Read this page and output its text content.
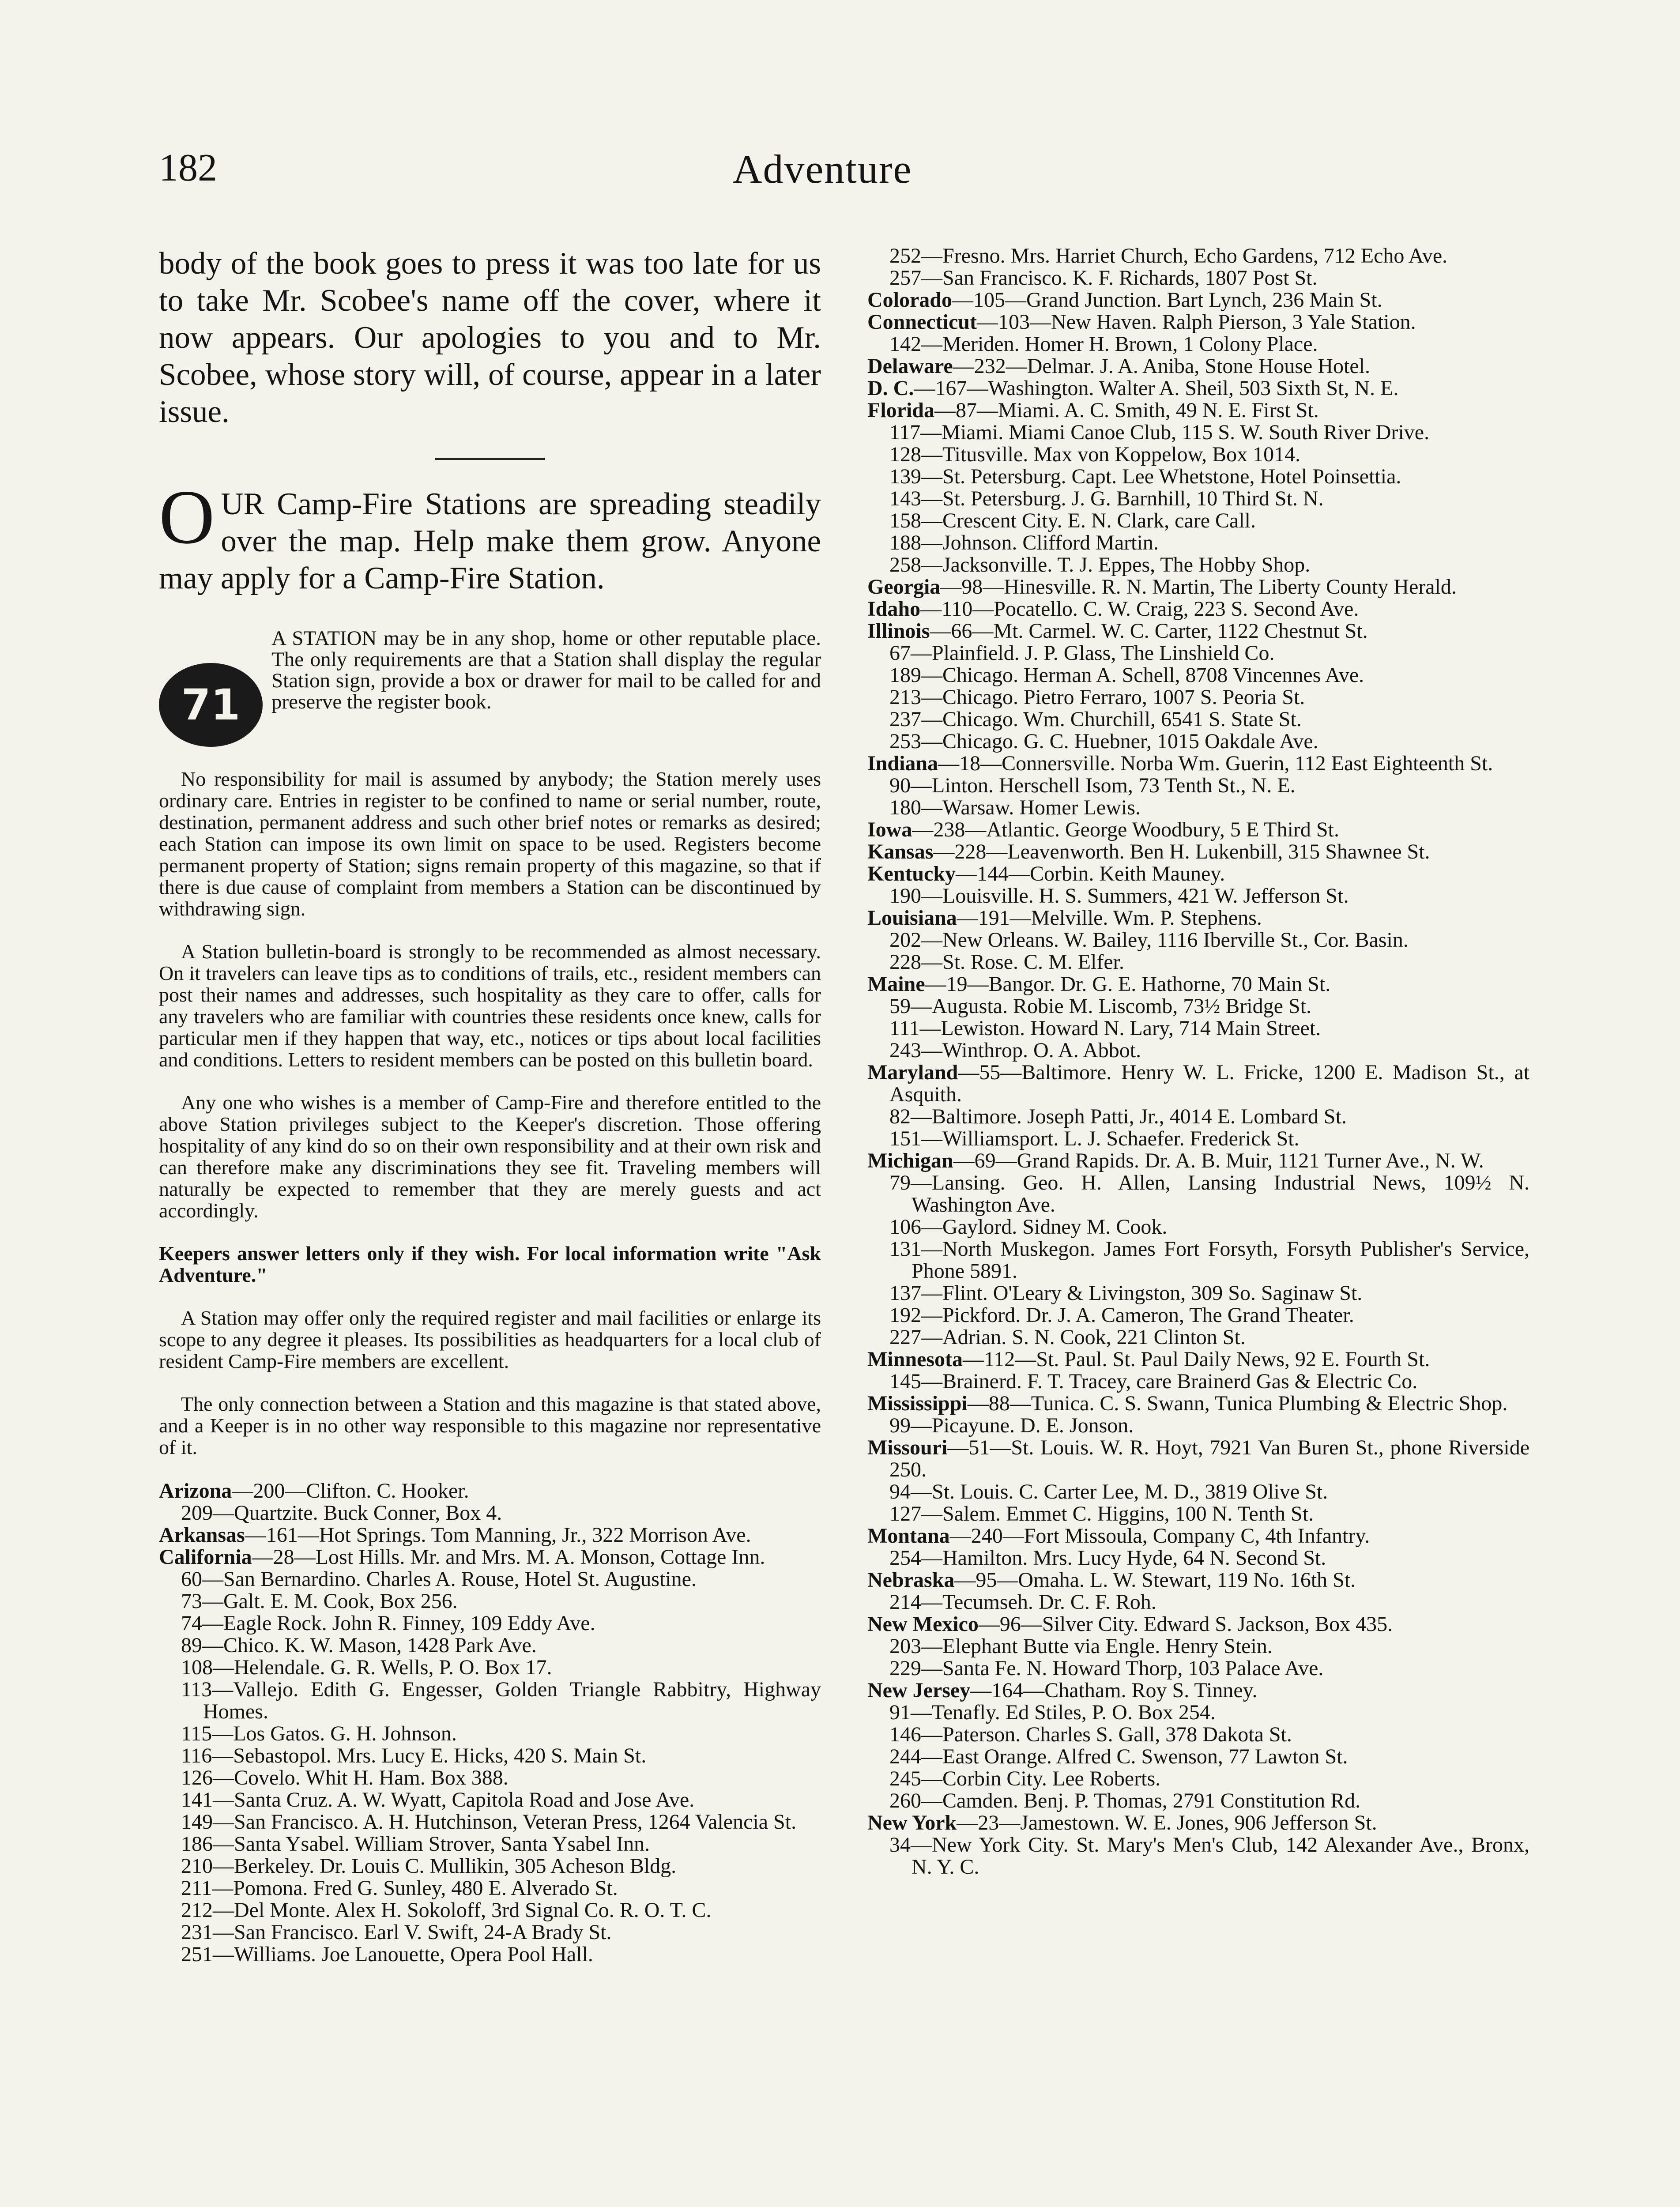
182	Adventure

body of the book goes to press it was too late for us to take Mr. Scobee's name off the cover, where it now appears. Our apologies to you and to Mr. Scobee, whose story will, of course, appear in a later issue.

OUR Camp-Fire Stations are spreading steadily over the map. Help make them grow. Anyone may apply for a Camp-Fire Station.

71

A STATION may be in any shop, home or other reputable place. The only requirements are that a Station shall display the regular Station sign, provide a box or drawer for mail to be called for and preserve the register book.

No responsibility for mail is assumed by anybody; the Station merely uses ordinary care. Entries in register to be confined to name or serial number, route, destination, permanent address and such other brief notes or remarks as desired; each Station can impose its own limit on space to be used. Registers become permanent property of Station; signs remain property of this magazine, so that if there is due cause of complaint from members a Station can be discontinued by withdrawing sign.

A Station bulletin-board is strongly to be recommended as almost necessary. On it travelers can leave tips as to conditions of trails, etc., resident members can post their names and addresses, such hospitality as they care to offer, calls for any travelers who are familiar with countries these residents once knew, calls for particular men if they happen that way, etc., notices or tips about local facilities and conditions. Letters to resident members can be posted on this bulletin board.

Any one who wishes is a member of Camp-Fire and therefore entitled to the above Station privileges subject to the Keeper's discretion. Those offering hospitality of any kind do so on their own responsibility and at their own risk and can therefore make any discriminations they see fit. Traveling members will naturally be expected to remember that they are merely guests and act accordingly.

Keepers answer letters only if they wish. For local information write "Ask Adventure."

A Station may offer only the required register and mail facilities or enlarge its scope to any degree it pleases. Its possibilities as headquarters for a local club of resident Camp-Fire members are excellent.

The only connection between a Station and this magazine is that stated above, and a Keeper is in no other way responsible to this magazine nor representative of it.

Arizona—200—Clifton. C. Hooker.

209—Quartzite. Buck Conner, Box 4.

Arkansas—161—Hot Springs. Tom Manning, Jr., 322 Morrison Ave.

California—28—Lost Hills. Mr. and Mrs. M. A. Monson, Cottage Inn.

60—San Bernardino. Charles A. Rouse, Hotel St. Augustine.

73—Galt. E. M. Cook, Box 256.

74—Eagle Rock. John R. Finney, 109 Eddy Ave.

89—Chico. K. W. Mason, 1428 Park Ave.

108—Helendale. G. R. Wells, P. O. Box 17.

113—Vallejo. Edith G. Engesser, Golden Triangle Rabbitry, Highway Homes.

115—Los Gatos. G. H. Johnson.

116—Sebastopol. Mrs. Lucy E. Hicks, 420 S. Main St.

126—Covelo. Whit H. Ham. Box 388.

141—Santa Cruz. A. W. Wyatt, Capitola Road and Jose Ave.

149—San Francisco. A. H. Hutchinson, Veteran Press, 1264 Valencia St.

186—Santa Ysabel. William Strover, Santa Ysabel Inn.

210—Berkeley. Dr. Louis C. Mullikin, 305 Acheson Bldg.

211—Pomona. Fred G. Sunley, 480 E. Alverado St.

212—Del Monte. Alex H. Sokoloff, 3rd Signal Co. R. O. T. C.

231—San Francisco. Earl V. Swift, 24-A Brady St.

251—Williams. Joe Lanouette, Opera Pool Hall.

252—Fresno. Mrs. Harriet Church, Echo Gardens, 712 Echo Ave.

257—San Francisco. K. F. Richards, 1807 Post St.

Colorado—105—Grand Junction. Bart Lynch, 236 Main St.

Connecticut—103—New Haven. Ralph Pierson, 3 Yale Station.

142—Meriden. Homer H. Brown, 1 Colony Place.

Delaware—232—Delmar. J. A. Aniba, Stone House Hotel.

D. C.—167—Washington. Walter A. Sheil, 503 Sixth St, N. E.

Florida—87—Miami. A. C. Smith, 49 N. E. First St.

117—Miami. Miami Canoe Club, 115 S. W. South River Drive.

128—Titusville. Max von Koppelow, Box 1014.

139—St. Petersburg. Capt. Lee Whetstone, Hotel Poinsettia.

143—St. Petersburg. J. G. Barnhill, 10 Third St. N.

158—Crescent City. E. N. Clark, care Call.

188—Johnson. Clifford Martin.

258—Jacksonville. T. J. Eppes, The Hobby Shop.

Georgia—98—Hinesville. R. N. Martin, The Liberty County Herald.

Idaho—110—Pocatello. C. W. Craig, 223 S. Second Ave.

Illinois—66—Mt. Carmel. W. C. Carter, 1122 Chestnut St.

67—Plainfield. J. P. Glass, The Linshield Co.

189—Chicago. Herman A. Schell, 8708 Vincennes Ave.

213—Chicago. Pietro Ferraro, 1007 S. Peoria St.

237—Chicago. Wm. Churchill, 6541 S. State St.

253—Chicago. G. C. Huebner, 1015 Oakdale Ave.

Indiana—18—Connersville. Norba Wm. Guerin, 112 East Eighteenth St.

90—Linton. Herschell Isom, 73 Tenth St., N. E.

180—Warsaw. Homer Lewis.

Iowa—238—Atlantic. George Woodbury, 5 E Third St.

Kansas—228—Leavenworth. Ben H. Lukenbill, 315 Shawnee St.

Kentucky—144—Corbin. Keith Mauney.

190—Louisville. H. S. Summers, 421 W. Jefferson St.

Louisiana—191—Melville. Wm. P. Stephens.

202—New Orleans. W. Bailey, 1116 Iberville St., Cor. Basin.

228—St. Rose. C. M. Elfer.

Maine—19—Bangor. Dr. G. E. Hathorne, 70 Main St.

59—Augusta. Robie M. Liscomb, 73½ Bridge St.

111—Lewiston. Howard N. Lary, 714 Main Street.

243—Winthrop. O. A. Abbot.

Maryland—55—Baltimore. Henry W. L. Fricke, 1200 E. Madison St., at Asquith.

82—Baltimore. Joseph Patti, Jr., 4014 E. Lombard St.

151—Williamsport. L. J. Schaefer. Frederick St.

Michigan—69—Grand Rapids. Dr. A. B. Muir, 1121 Turner Ave., N. W.

79—Lansing. Geo. H. Allen, Lansing Industrial News, 109½ N. Washington Ave.

106—Gaylord. Sidney M. Cook.

131—North Muskegon. James Fort Forsyth, Forsyth Publisher's Service, Phone 5891.

137—Flint. O'Leary & Livingston, 309 So. Saginaw St.

192—Pickford. Dr. J. A. Cameron, The Grand Theater.

227—Adrian. S. N. Cook, 221 Clinton St.

Minnesota—112—St. Paul. St. Paul Daily News, 92 E. Fourth St.

145—Brainerd. F. T. Tracey, care Brainerd Gas & Electric Co.

Mississippi—88—Tunica. C. S. Swann, Tunica Plumbing & Electric Shop.

99—Picayune. D. E. Jonson.

Missouri—51—St. Louis. W. R. Hoyt, 7921 Van Buren St., phone Riverside 250.

94—St. Louis. C. Carter Lee, M. D., 3819 Olive St.

127—Salem. Emmet C. Higgins, 100 N. Tenth St.

Montana—240—Fort Missoula, Company C, 4th Infantry.

254—Hamilton. Mrs. Lucy Hyde, 64 N. Second St.

Nebraska—95—Omaha. L. W. Stewart, 119 No. 16th St.

214—Tecumseh. Dr. C. F. Roh.

New Mexico—96—Silver City. Edward S. Jackson, Box 435.

203—Elephant Butte via Engle. Henry Stein.

229—Santa Fe. N. Howard Thorp, 103 Palace Ave.

New Jersey—164—Chatham. Roy S. Tinney.

91—Tenafly. Ed Stiles, P. O. Box 254.

146—Paterson. Charles S. Gall, 378 Dakota St.

244—East Orange. Alfred C. Swenson, 77 Lawton St.

245—Corbin City. Lee Roberts.

260—Camden. Benj. P. Thomas, 2791 Constitution Rd.

New York—23—Jamestown. W. E. Jones, 906 Jefferson St.

34—New York City. St. Mary's Men's Club, 142 Alexander Ave., Bronx, N. Y. C.
